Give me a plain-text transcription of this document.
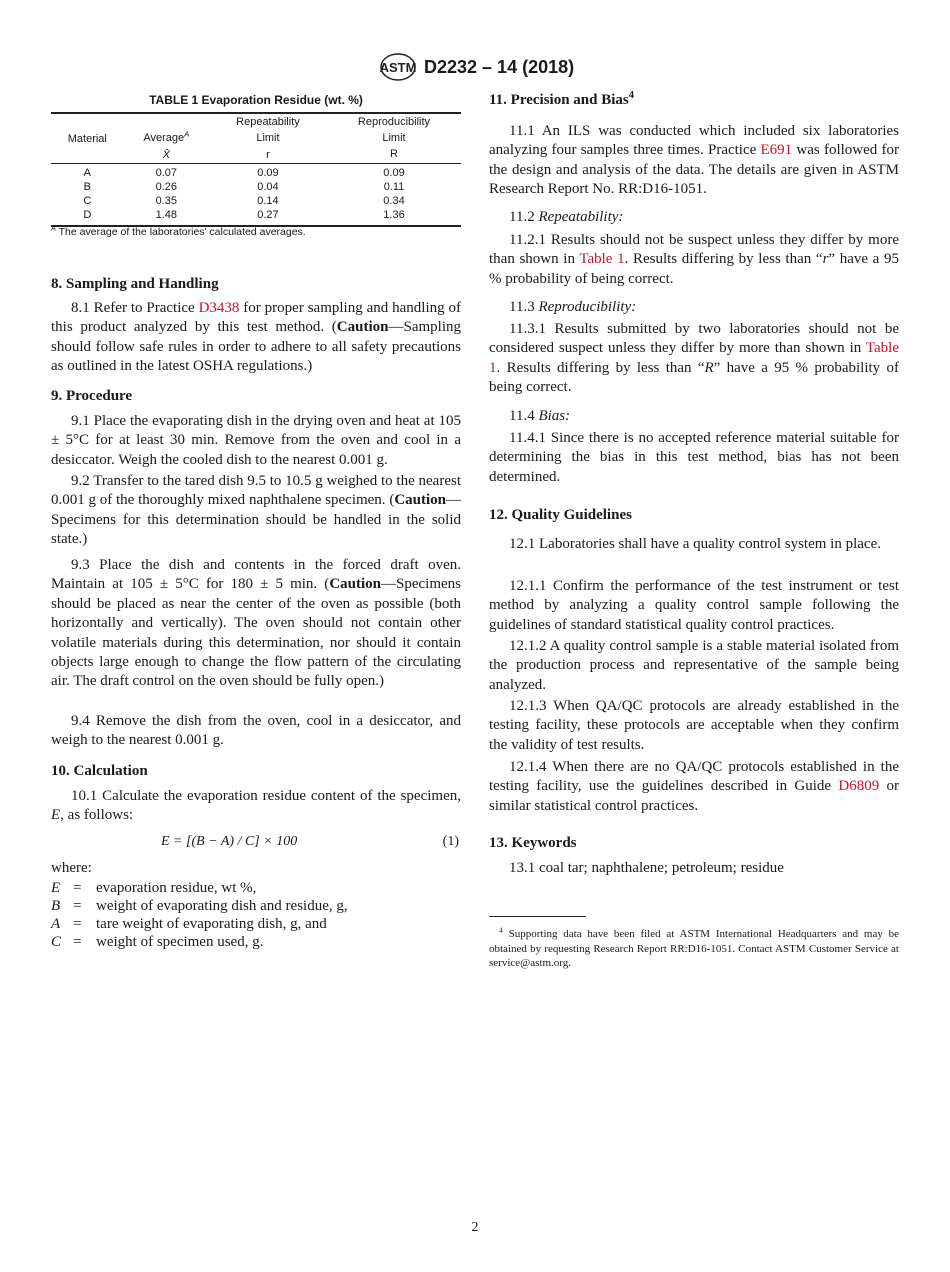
ASTM D2232 – 14 (2018)
TABLE 1 Evaporation Residue (wt. %)
Material		Repeatability	Reproducibility
	Average$^A$	Limit	Limit
	X̄	r	R
A	0.07	0.09	0.09
B	0.26	0.04	0.11
C	0.35	0.14	0.34
D	1.48	0.27	1.36
$^A$ The average of the laboratories’ calculated averages.
8. Sampling and Handling
8.1 Refer to Practice D3438 for proper sampling and handling of this product analyzed by this test method. (Caution—Sampling should follow safe rules in order to adhere to all safety precautions as outlined in the latest OSHA regulations.)
9. Procedure
9.1 Place the evaporating dish in the drying oven and heat at 105 ± 5°C for at least 30 min. Remove from the oven and cool in a desiccator. Weigh the cooled dish to the nearest 0.001 g.
9.2 Transfer to the tared dish 9.5 to 10.5 g weighed to the nearest 0.001 g of the thoroughly mixed naphthalene specimen. (Caution—Specimens for this determination should be handled in the solid state.)
9.3 Place the dish and contents in the forced draft oven. Maintain at 105 ± 5°C for 180 ± 5 min. (Caution—Specimens should be placed as near the center of the oven as possible (both horizontally and vertically). The oven should not contain other volatile materials during this determination, nor should it contain objects large enough to change the flow pattern of the circulating air. The draft control on the oven should be fully open.)
9.4 Remove the dish from the oven, cool in a desiccator, and weigh to the nearest 0.001 g.
10. Calculation
10.1 Calculate the evaporation residue content of the specimen, E, as follows:
E = [(B − A) / C] × 100	(1)
where:
E = evaporation residue, wt %,
B = weight of evaporating dish and residue, g,
A = tare weight of evaporating dish, g, and
C = weight of specimen used, g.
11. Precision and Bias$^4$
11.1 An ILS was conducted which included six laboratories analyzing four samples three times. Practice E691 was followed for the design and analysis of the data. The details are given in ASTM Research Report No. RR:D16-1051.
11.2 Repeatability:
11.2.1 Results should not be suspect unless they differ by more than shown in Table 1. Results differing by less than “r” have a 95 % probability of being correct.
11.3 Reproducibility:
11.3.1 Results submitted by two laboratories should not be considered suspect unless they differ by more than shown in Table 1. Results differing by less than “R” have a 95 % probability of being correct.
11.4 Bias:
11.4.1 Since there is no accepted reference material suitable for determining the bias in this test method, bias has not been determined.
12. Quality Guidelines
12.1 Laboratories shall have a quality control system in place.
12.1.1 Confirm the performance of the test instrument or test method by analyzing a quality control sample following the guidelines of standard statistical quality control practices.
12.1.2 A quality control sample is a stable material isolated from the production process and representative of the sample being analyzed.
12.1.3 When QA/QC protocols are already established in the testing facility, these protocols are acceptable when they confirm the validity of test results.
12.1.4 When there are no QA/QC protocols established in the testing facility, use the guidelines described in Guide D6809 or similar statistical control practices.
13. Keywords
13.1 coal tar; naphthalene; petroleum; residue
$^4$ Supporting data have been filed at ASTM International Headquarters and may be obtained by requesting Research Report RR:D16-1051. Contact ASTM Customer Service at service@astm.org.
2
